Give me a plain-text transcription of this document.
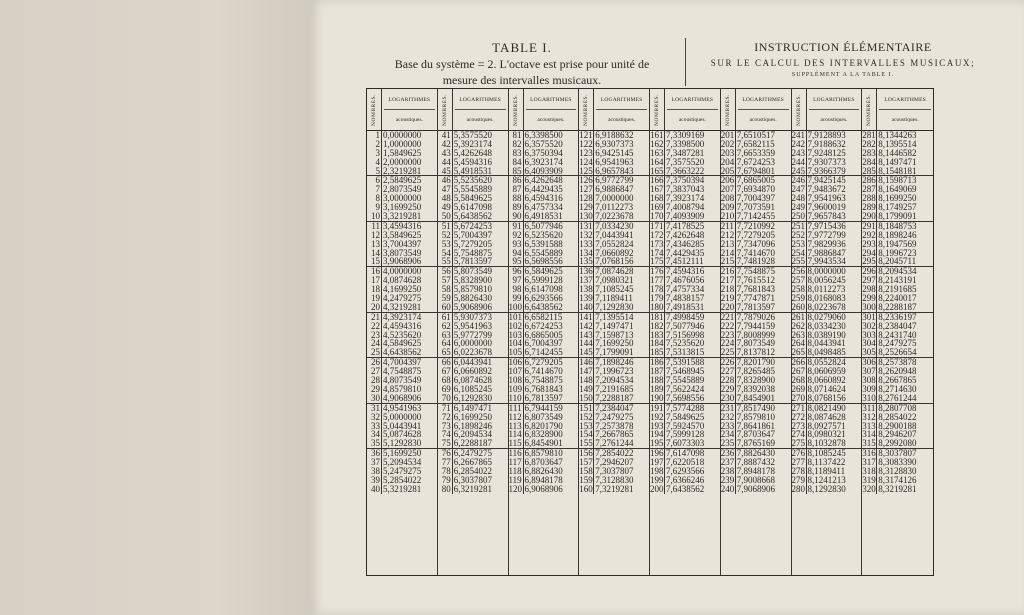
TABLE I.
Base du système = 2. L'octave est prise pour unité de
mesure des intervalles musicaux.
INSTRUCTION ÉLÉMENTAIRE
SUR LE CALCUL DES INTERVALLES MUSICAUX;
SUPPLÉMENT A LA TABLE I.
NOMBRES.	LOGARITHMES
acoustiques.
1 0,0000000
2 1,0000000
3 1,5849625
4 2,0000000
5 2,3219281
6 2,5849625
7 2,8073549
8 3,0000000
9 3,1699250
10 3,3219281
11 3,4594316
12 3,5849625
13 3,7004397
14 3,8073549
15 3,9068906
16 4,0000000
17 4,0874628
18 4,1699250
19 4,2479275
20 4,3219281
21 4,3923174
22 4,4594316
23 4,5235620
24 4,5849625
25 4,6438562
26 4,7004397
27 4,7548875
28 4,8073549
29 4,8579810
30 4,9068906
31 4,9541963
32 5,0000000
33 5,0443941
34 5,0874628
35 5,1292830
36 5,1699250
37 5,2094534
38 5,2479275
39 5,2854022
40 5,3219281
NOMBRES.	LOGARITHMES
acoustiques.
41 5,3575520
42 5,3923174
43 5,4262648
44 5,4594316
45 5,4918531
46 5,5235620
47 5,5545889
48 5,5849625
49 5,6147098
50 5,6438562
51 5,6724253
52 5,7004397
53 5,7279205
54 5,7548875
55 5,7813597
56 5,8073549
57 5,8328900
58 5,8579810
59 5,8826430
60 5,9068906
61 5,9307373
62 5,9541963
63 5,9772799
64 6,0000000
65 6,0223678
66 6,0443941
67 6,0660892
68 6,0874628
69 6,1085245
70 6,1292830
71 6,1497471
72 6,1699250
73 6,1898246
74 6,2094534
75 6,2288187
76 6,2479275
77 6,2667865
78 6,2854022
79 6,3037807
80 6,3219281
NOMBRES.	LOGARITHMES
acoustiques.
81 6,3398500
82 6,3575520
83 6,3750394
84 6,3923174
85 6,4093909
86 6,4262648
87 6,4429435
88 6,4594316
89 6,4757334
90 6,4918531
91 6,5077946
92 6,5235620
93 6,5391588
94 6,5545889
95 6,5698556
96 6,5849625
97 6,5999128
98 6,6147098
99 6,6293566
100 6,6438562
101 6,6582115
102 6,6724253
103 6,6865005
104 6,7004397
105 6,7142455
106 6,7279205
107 6,7414670
108 6,7548875
109 6,7681843
110 6,7813597
111 6,7944159
112 6,8073549
113 6,8201790
114 6,8328900
115 6,8454901
116 6,8579810
117 6,8703647
118 6,8826430
119 6,8948178
120 6,9068906
NOMBRES.	LOGARITHMES
acoustiques.
121 6,9188632
122 6,9307373
123 6,9425145
124 6,9541963
125 6,9657843
126 6,9772799
127 6,9886847
128 7,0000000
129 7,0112273
130 7,0223678
131 7,0334230
132 7,0443941
133 7,0552824
134 7,0660892
135 7,0768156
136 7,0874628
137 7,0980321
138 7,1085245
139 7,1189411
140 7,1292830
141 7,1395514
142 7,1497471
143 7,1598713
144 7,1699250
145 7,1799091
146 7,1898246
147 7,1996723
148 7,2094534
149 7,2191685
150 7,2288187
151 7,2384047
152 7,2479275
153 7,2573878
154 7,2667865
155 7,2761244
156 7,2854022
157 7,2946207
158 7,3037807
159 7,3128830
160 7,3219281
NOMBRES.	LOGARITHMES
acoustiques.
161 7,3309169
162 7,3398500
163 7,3487281
164 7,3575520
165 7,3663222
166 7,3750394
167 7,3837043
168 7,3923174
169 7,4008794
170 7,4093909
171 7,4178525
172 7,4262648
173 7,4346285
174 7,4429435
175 7,4512111
176 7,4594316
177 7,4676056
178 7,4757334
179 7,4838157
180 7,4918531
181 7,4998459
182 7,5077946
183 7,5156998
184 7,5235620
185 7,5313815
186 7,5391588
187 7,5468945
188 7,5545889
189 7,5622424
190 7,5698556
191 7,5774288
192 7,5849625
193 7,5924570
194 7,5999128
195 7,6073303
196 7,6147098
197 7,6220518
198 7,6293566
199 7,6366246
200 7,6438562
NOMBRES.	LOGARITHMES
acoustiques.
201 7,6510517
202 7,6582115
203 7,6653359
204 7,6724253
205 7,6794801
206 7,6865005
207 7,6934870
208 7,7004397
209 7,7073591
210 7,7142455
211 7,7210992
212 7,7279205
213 7,7347096
214 7,7414670
215 7,7481928
216 7,7548875
217 7,7615512
218 7,7681843
219 7,7747871
220 7,7813597
221 7,7879026
222 7,7944159
223 7,8008999
224 7,8073549
225 7,8137812
226 7,8201790
227 7,8265485
228 7,8328900
229 7,8392038
230 7,8454901
231 7,8517490
232 7,8579810
233 7,8641861
234 7,8703647
235 7,8765169
236 7,8826430
237 7,8887432
238 7,8948178
239 7,9008668
240 7,9068906
NOMBRES.	LOGARITHMES
acoustiques.
241 7,9128893
242 7,9188632
243 7,9248125
244 7,9307373
245 7,9366379
246 7,9425145
247 7,9483672
248 7,9541963
249 7,9600019
250 7,9657843
251 7,9715436
252 7,9772799
253 7,9829936
254 7,9886847
255 7,9943534
256 8,0000000
257 8,0056245
258 8,0112273
259 8,0168083
260 8,0223678
261 8,0279060
262 8,0334230
263 8,0389190
264 8,0443941
265 8,0498485
266 8,0552824
267 8,0606959
268 8,0660892
269 8,0714624
270 8,0768156
271 8,0821490
272 8,0874628
273 8,0927571
274 8,0980321
275 8,1032878
276 8,1085245
277 8,1137422
278 8,1189411
279 8,1241213
280 8,1292830
NOMBRES.	LOGARITHMES
acoustiques.
281 8,1344263
282 8,1395514
283 8,1446582
284 8,1497471
285 8,1548181
286 8,1598713
287 8,1649069
288 8,1699250
289 8,1749257
290 8,1799091
291 8,1848753
292 8,1898246
293 8,1947569
294 8,1996723
295 8,2045711
296 8,2094534
297 8,2143191
298 8,2191685
299 8,2240017
300 8,2288187
301 8,2336197
302 8,2384047
303 8,2431740
304 8,2479275
305 8,2526654
306 8,2573878
307 8,2620948
308 8,2667865
309 8,2714630
310 8,2761244
311 8,2807708
312 8,2854022
313 8,2900188
314 8,2946207
315 8,2992080
316 8,3037807
317 8,3083390
318 8,3128830
319 8,3174126
320 8,3219281
